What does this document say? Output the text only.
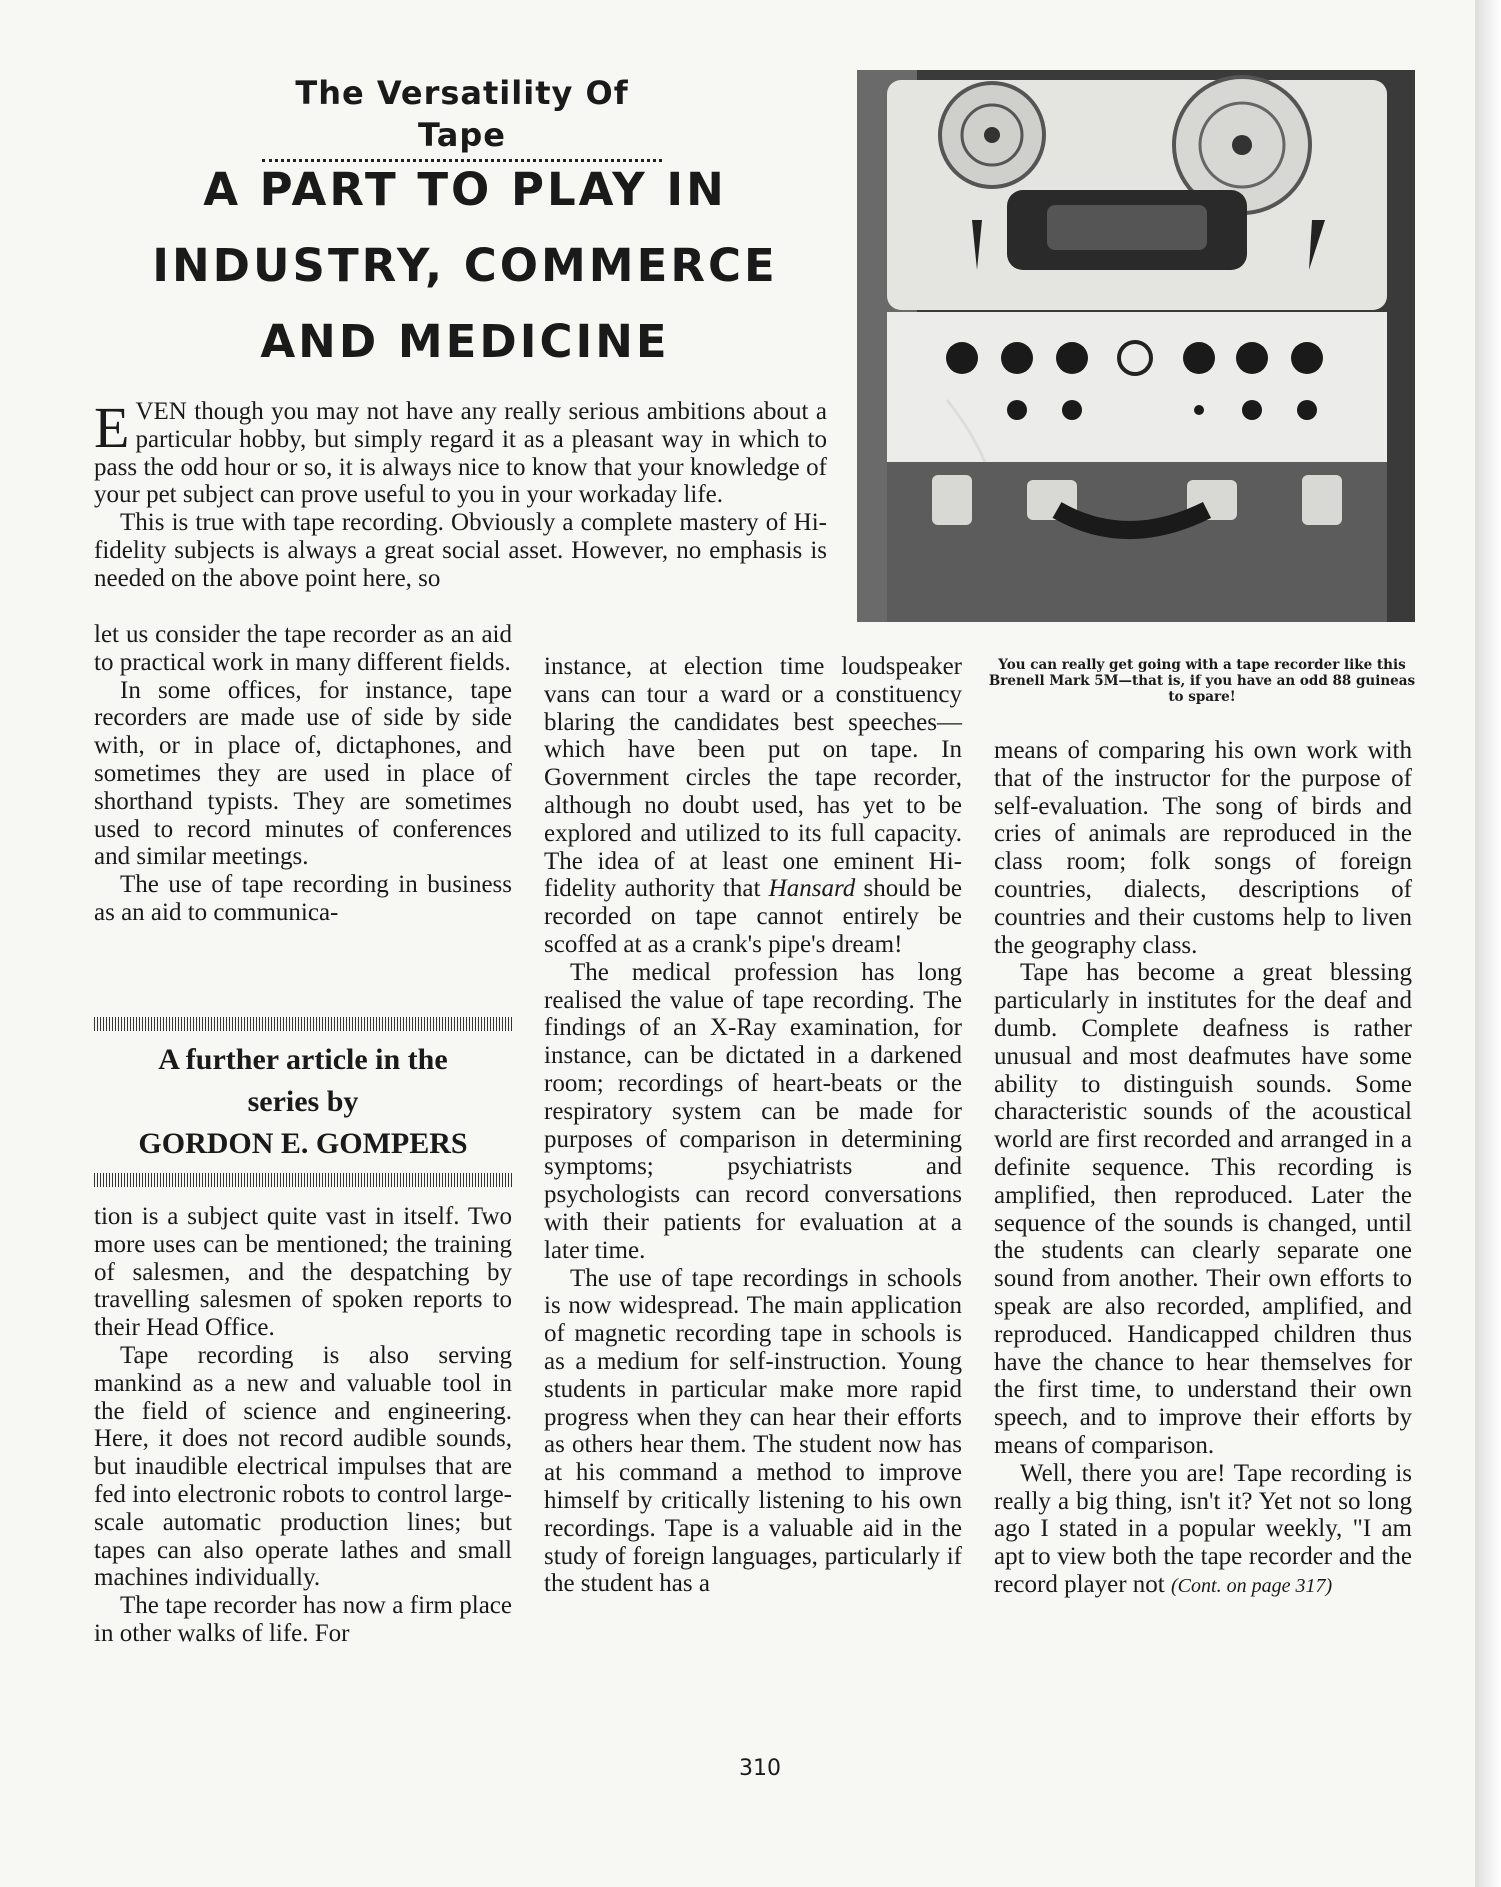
The Versatility Of Tape
A PART TO PLAY IN
INDUSTRY, COMMERCE
AND MEDICINE
You can really get going with a tape recorder like this Brenell Mark 5M—that is, if you have an odd 88 guineas to spare!

EVEN though you may not have any really serious ambitions about a particular hobby, but simply regard it as a pleasant way in which to pass the odd hour or so, it is always nice to know that your knowledge of your pet subject can prove useful to you in your workaday life.

This is true with tape recording. Obviously a complete mastery of Hi-fidelity subjects is always a great social asset. However, no emphasis is needed on the above point here, so

let us consider the tape recorder as an aid to practical work in many different fields.

In some offices, for instance, tape recorders are made use of side by side with, or in place of, dictaphones, and sometimes they are used in place of shorthand typists. They are sometimes used to record minutes of conferences and similar meetings.

The use of tape recording in business as an aid to communica-

A further article in the
series by
GORDON E. GOMPERS

tion is a subject quite vast in itself. Two more uses can be mentioned; the training of salesmen, and the despatching by travelling salesmen of spoken reports to their Head Office.

Tape recording is also serving mankind as a new and valuable tool in the field of science and engineering. Here, it does not record audible sounds, but inaudible electrical impulses that are fed into electronic robots to control large-scale automatic production lines; but tapes can also operate lathes and small machines individually.

The tape recorder has now a firm place in other walks of life. For

instance, at election time loudspeaker vans can tour a ward or a constituency blaring the candidates best speeches—which have been put on tape. In Government circles the tape recorder, although no doubt used, has yet to be explored and utilized to its full capacity. The idea of at least one eminent Hi-fidelity authority that Hansard should be recorded on tape cannot entirely be scoffed at as a crank's pipe's dream!

The medical profession has long realised the value of tape recording. The findings of an X-Ray examination, for instance, can be dictated in a darkened room; recordings of heart-beats or the respiratory system can be made for purposes of comparison in determining symptoms; psychiatrists and psychologists can record conversations with their patients for evaluation at a later time.

The use of tape recordings in schools is now widespread. The main application of magnetic recording tape in schools is as a medium for self-instruction. Young students in particular make more rapid progress when they can hear their efforts as others hear them. The student now has at his command a method to improve himself by critically listening to his own recordings. Tape is a valuable aid in the study of foreign languages, particularly if the student has a

means of comparing his own work with that of the instructor for the purpose of self-evaluation. The song of birds and cries of animals are reproduced in the class room; folk songs of foreign countries, dialects, descriptions of countries and their customs help to liven the geography class.

Tape has become a great blessing particularly in institutes for the deaf and dumb. Complete deafness is rather unusual and most deafmutes have some ability to distinguish sounds. Some characteristic sounds of the acoustical world are first recorded and arranged in a definite sequence. This recording is amplified, then reproduced. Later the sequence of the sounds is changed, until the students can clearly separate one sound from another. Their own efforts to speak are also recorded, amplified, and reproduced. Handicapped children thus have the chance to hear themselves for the first time, to understand their own speech, and to improve their efforts by means of comparison.

Well, there you are! Tape recording is really a big thing, isn't it? Yet not so long ago I stated in a popular weekly, "I am apt to view both the tape recorder and the record player not (Cont. on page 317)

310
